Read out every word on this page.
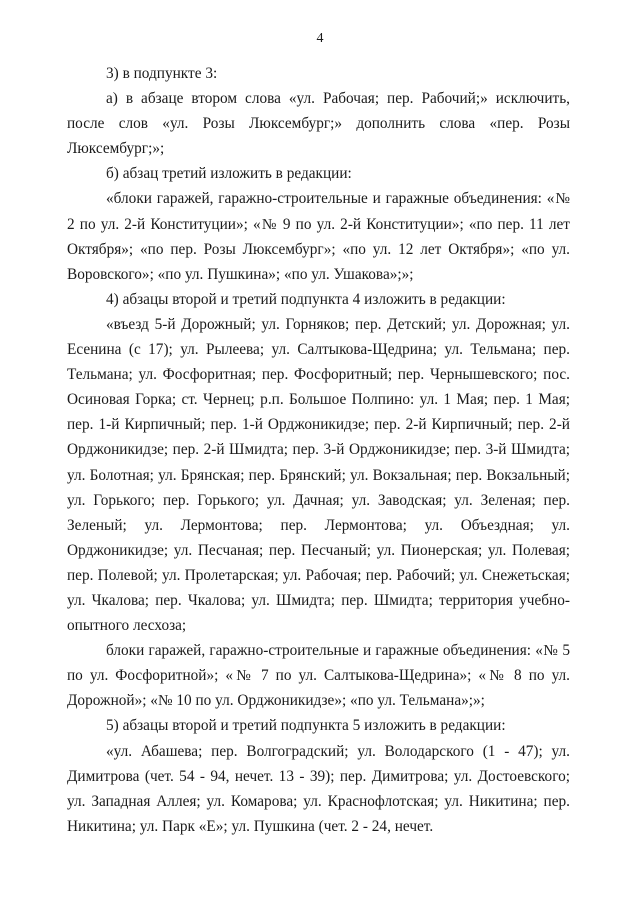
4

3) в подпункте 3:

а) в абзаце втором слова «ул. Рабочая; пер. Рабочий;» исключить, после слов «ул. Розы Люксембург;» дополнить слова «пер. Розы Люксембург;»;

б) абзац третий изложить в редакции:

«блоки гаражей, гаражно-строительные и гаражные объединения: «№ 2 по ул. 2-й Конституции»; «№ 9 по ул. 2-й Конституции»; «по пер. 11 лет Октября»; «по пер. Розы Люксембург»; «по ул. 12 лет Октября»; «по ул. Воровского»; «по ул. Пушкина»; «по ул. Ушакова»;»;

4) абзацы второй и третий подпункта 4 изложить в редакции:

«въезд 5-й Дорожный; ул. Горняков; пер. Детский; ул. Дорожная; ул. Есенина (с 17); ул. Рылеева; ул. Салтыкова-Щедрина; ул. Тельмана; пер. Тельмана; ул. Фосфоритная; пер. Фосфоритный; пер. Чернышевского; пос. Осиновая Горка; ст. Чернец; р.п. Большое Полпино: ул. 1 Мая; пер. 1 Мая; пер. 1-й Кирпичный; пер. 1-й Орджоникидзе; пер. 2-й Кирпичный; пер. 2-й Орджоникидзе; пер. 2-й Шмидта; пер. 3-й Орджоникидзе; пер. 3-й Шмидта; ул. Болотная; ул. Брянская; пер. Брянский; ул. Вокзальная; пер. Вокзальный; ул. Горького; пер. Горького; ул. Дачная; ул. Заводская; ул. Зеленая; пер. Зеленый; ул. Лермонтова; пер. Лермонтова; ул. Объездная; ул. Орджоникидзе; ул. Песчаная; пер. Песчаный; ул. Пионерская; ул. Полевая; пер. Полевой; ул. Пролетарская; ул. Рабочая; пер. Рабочий; ул. Снежетьская; ул. Чкалова; пер. Чкалова; ул. Шмидта; пер. Шмидта; территория учебно-опытного лесхоза;

блоки гаражей, гаражно-строительные и гаражные объединения: «№ 5 по ул. Фосфоритной»; «№ 7 по ул. Салтыкова-Щедрина»; «№ 8 по ул. Дорожной»; «№ 10 по ул. Орджоникидзе»; «по ул. Тельмана»;»;

5) абзацы второй и третий подпункта 5 изложить в редакции:

«ул. Абашева; пер. Волгоградский; ул. Володарского (1 - 47); ул. Димитрова (чет. 54 - 94, нечет. 13 - 39); пер. Димитрова; ул. Достоевского; ул. Западная Аллея; ул. Комарова; ул. Краснофлотская; ул. Никитина; пер. Никитина; ул. Парк «Е»; ул. Пушкина (чет. 2 - 24, нечет.
